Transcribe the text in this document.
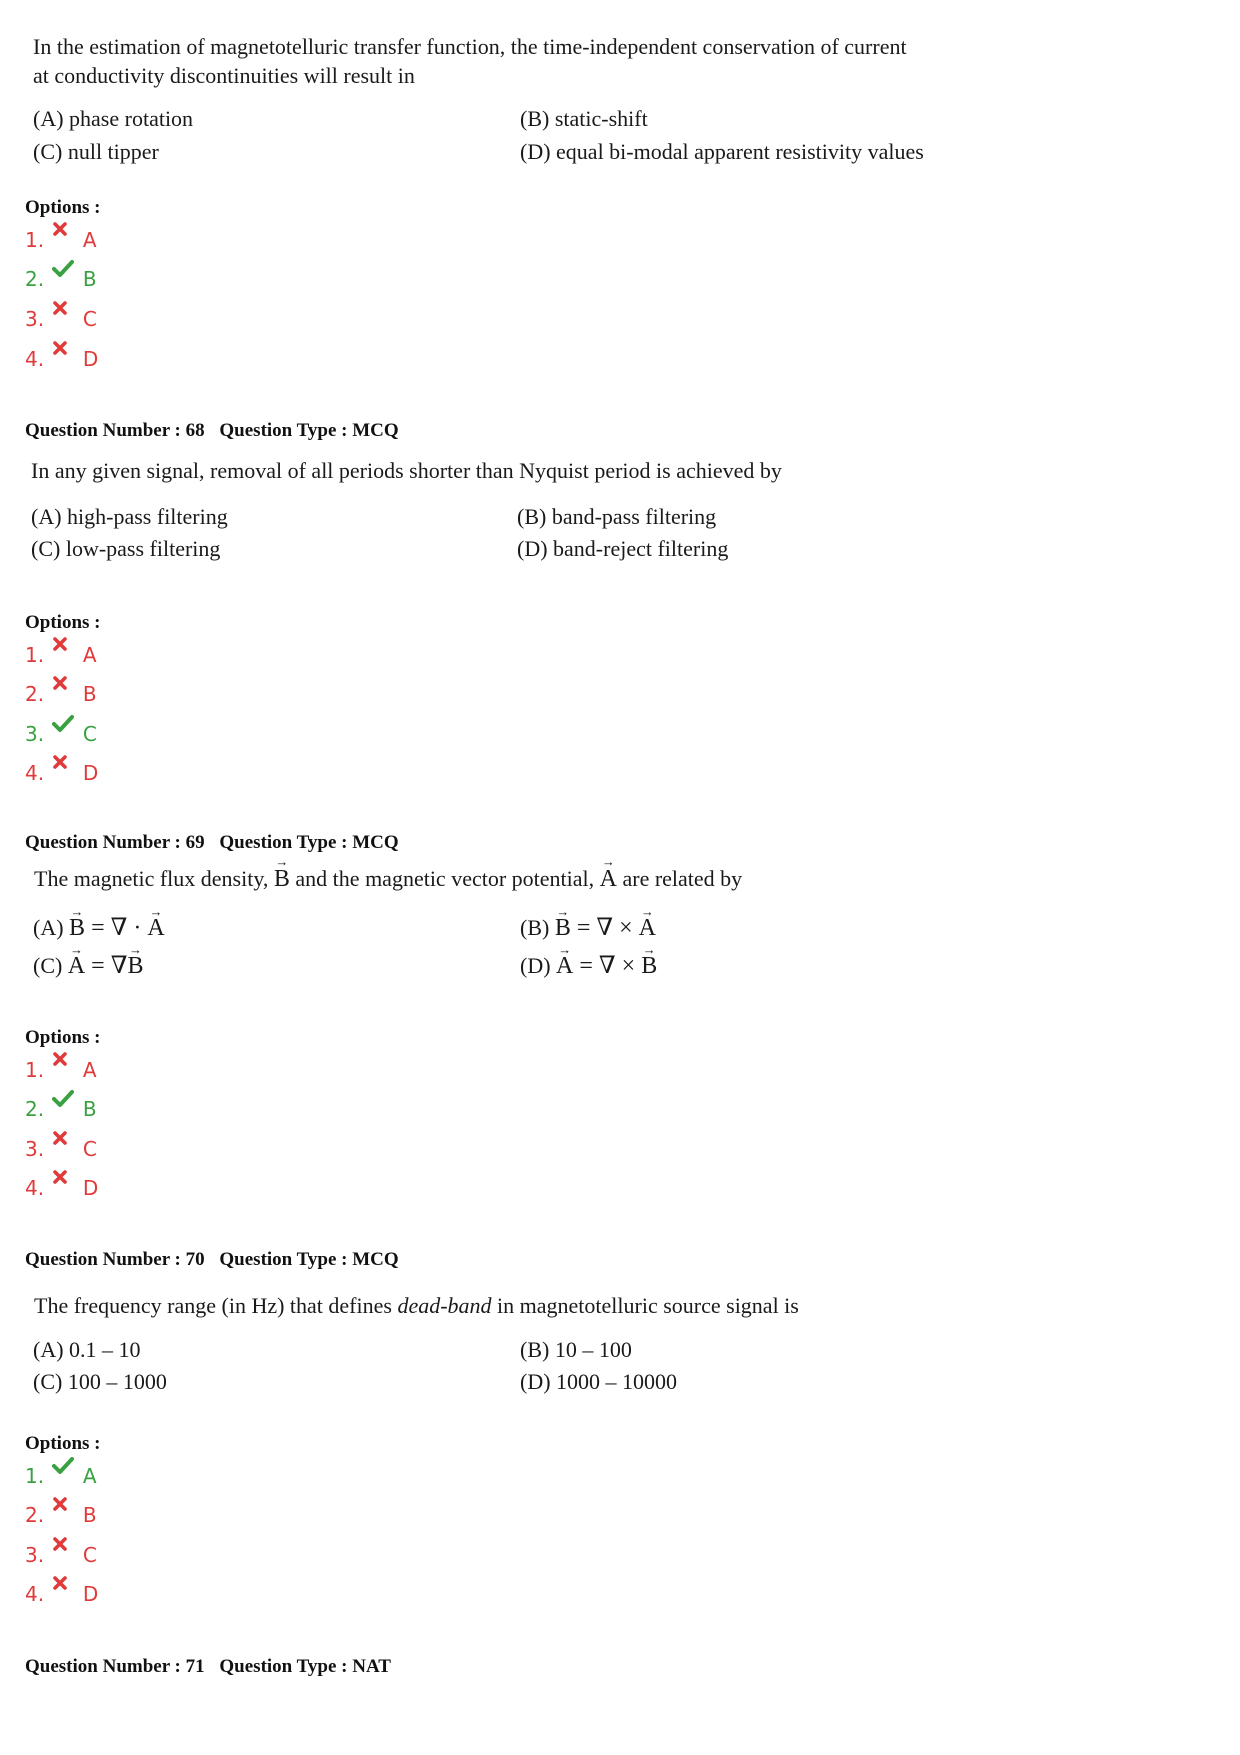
In the estimation of magnetotelluric transfer function, the time-independent conservation of current
at conductivity discontinuities will result in
(A) phase rotation	(B) static-shift
(C) null tipper	(D) equal bi-modal apparent resistivity values
Options :
1. A
2. B
3. C
4. D
Question Number : 68 Question Type : MCQ
In any given signal, removal of all periods shorter than Nyquist period is achieved by
(A) high-pass filtering	(B) band-pass filtering
(C) low-pass filtering	(D) band-reject filtering
Options :
1. A
2. B
3. C
4. D
Question Number : 69 Question Type : MCQ
The magnetic flux density, → B and the magnetic vector potential, → A are related by
(A) → B = ∇ · → A	(B) → B = ∇ × → A
(C) → A = ∇→ B	(D) → A = ∇ × → B
Options :
1. A
2. B
3. C
4. D
Question Number : 70 Question Type : MCQ
The frequency range (in Hz) that defines dead-band in magnetotelluric source signal is
(A) 0.1 – 10	(B) 10 – 100
(C) 100 – 1000	(D) 1000 – 10000
Options :
1. A
2. B
3. C
4. D
Question Number : 71 Question Type : NAT
